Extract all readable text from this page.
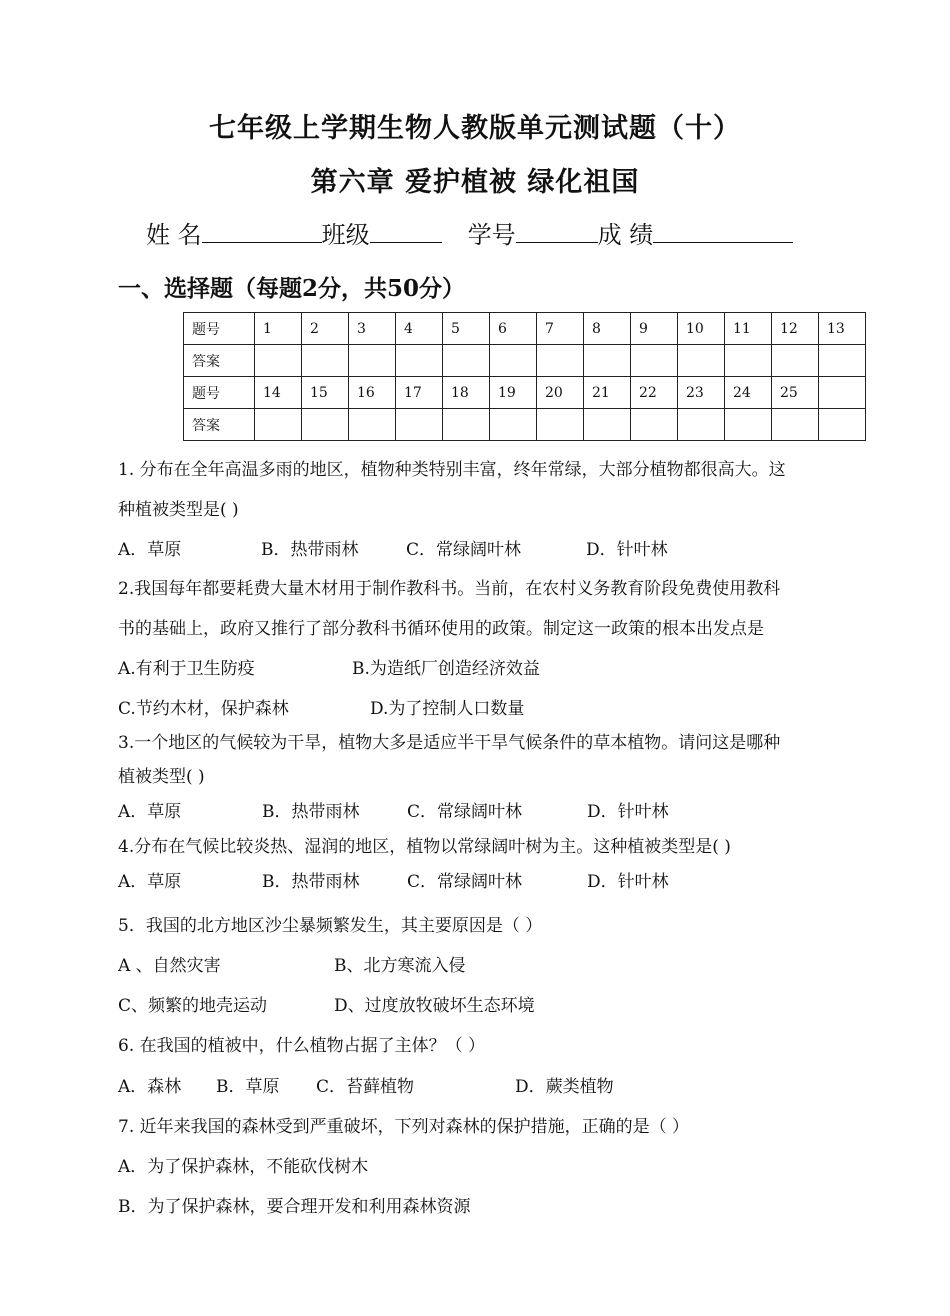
七年级上学期生物人教版单元测试题（十）
第六章 爱护植被 绿化祖国
姓 名	班级	学号	成 绩
一、选择题（每题2分，共50分）
题号	1	2	3	4	5	6	7	8	9	10	11	12	13
答案													
题号	14	15	16	17	18	19	20	21	22	23	24	25	
答案													
1. 分布在全年高温多雨的地区，植物种类特别丰富，终年常绿，大部分植物都很高大。这
种植被类型是( )
A．草原	B．热带雨林	C．常绿阔叶林	D．针叶林
2.我国每年都要耗费大量木材用于制作教科书。当前，在农村义务教育阶段免费使用教科
书的基础上，政府又推行了部分教科书循环使用的政策。制定这一政策的根本出发点是
A.有利于卫生防疫	B.为造纸厂创造经济效益
C.节约木材，保护森林	D.为了控制人口数量
3.一个地区的气候较为干旱，植物大多是适应半干旱气候条件的草本植物。请问这是哪种
植被类型( )
A．草原	B．热带雨林	C．常绿阔叶林	D．针叶林
4.分布在气候比较炎热、湿润的地区，植物以常绿阔叶树为主。这种植被类型是( )
A．草原	B．热带雨林	C．常绿阔叶林	D．针叶林
5．我国的北方地区沙尘暴频繁发生，其主要原因是（ ）
A 、自然灾害	B、北方寒流入侵
C、频繁的地壳运动	D、过度放牧破坏生态环境
6. 在我国的植被中，什么植物占据了主体？（ ）
A．森林 B．草原 C．苔藓植物	D．蕨类植物
7. 近年来我国的森林受到严重破坏，下列对森林的保护措施，正确的是（ ）
A．为了保护森林，不能砍伐树木
B．为了保护森林，要合理开发和利用森林资源
